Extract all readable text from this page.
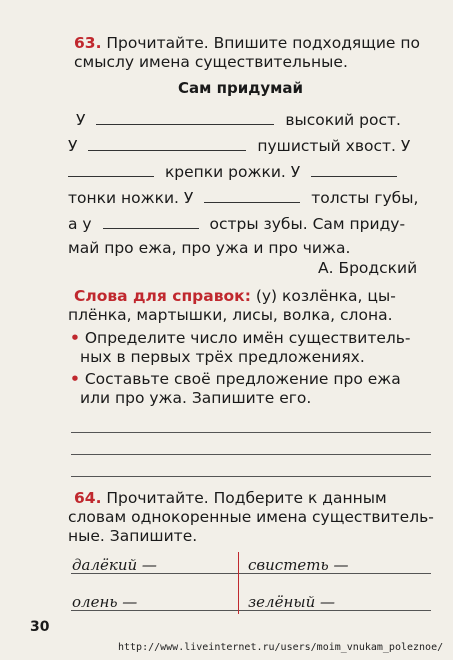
63. Прочитайте. Впишите подходящие по
смыслу имена существительные.
Сам придумай
У	высокий рост.
У	пушистый хвост. У
крепки рожки. У
тонки ножки. У	толсты губы,
а у	остры зубы. Сам приду-
май про ежа, про ужа и про чижа.
А. Бродский
Слова для справок: (у) козлёнка, цы-
плёнка, мартышки, лисы, волка, слона.
• Определите число имён существитель-
ных в первых трёх предложениях.
• Составьте своё предложение про ежа
или про ужа. Запишите его.
64. Прочитайте. Подберите к данным
словам однокоренные имена существитель-
ные. Запишите.
далёкий —	свистеть —
олень —	зелёный —
30
http://www.liveinternet.ru/users/moim_vnukam_poleznoe/
